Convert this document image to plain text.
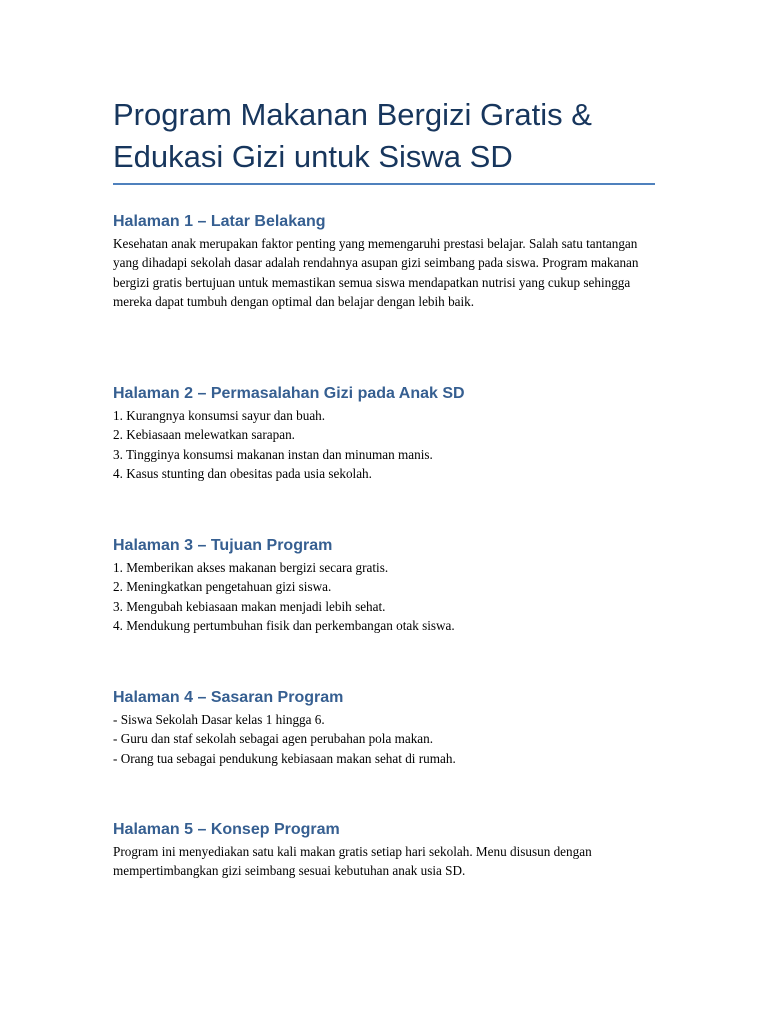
Program Makanan Bergizi Gratis &
Edukasi Gizi untuk Siswa SD
Halaman 1 – Latar Belakang

Kesehatan anak merupakan faktor penting yang memengaruhi prestasi belajar. Salah satu tantangan yang dihadapi sekolah dasar adalah rendahnya asupan gizi seimbang pada siswa. Program makanan bergizi gratis bertujuan untuk memastikan semua siswa mendapatkan nutrisi yang cukup sehingga mereka dapat tumbuh dengan optimal dan belajar dengan lebih baik.

Halaman 2 – Permasalahan Gizi pada Anak SD
1. Kurangnya konsumsi sayur dan buah.
2. Kebiasaan melewatkan sarapan.
3. Tingginya konsumsi makanan instan dan minuman manis.
4. Kasus stunting dan obesitas pada usia sekolah.
Halaman 3 – Tujuan Program
1. Memberikan akses makanan bergizi secara gratis.
2. Meningkatkan pengetahuan gizi siswa.
3. Mengubah kebiasaan makan menjadi lebih sehat.
4. Mendukung pertumbuhan fisik dan perkembangan otak siswa.
Halaman 4 – Sasaran Program
- Siswa Sekolah Dasar kelas 1 hingga 6.
- Guru dan staf sekolah sebagai agen perubahan pola makan.
- Orang tua sebagai pendukung kebiasaan makan sehat di rumah.
Halaman 5 – Konsep Program

Program ini menyediakan satu kali makan gratis setiap hari sekolah. Menu disusun dengan mempertimbangkan gizi seimbang sesuai kebutuhan anak usia SD.
